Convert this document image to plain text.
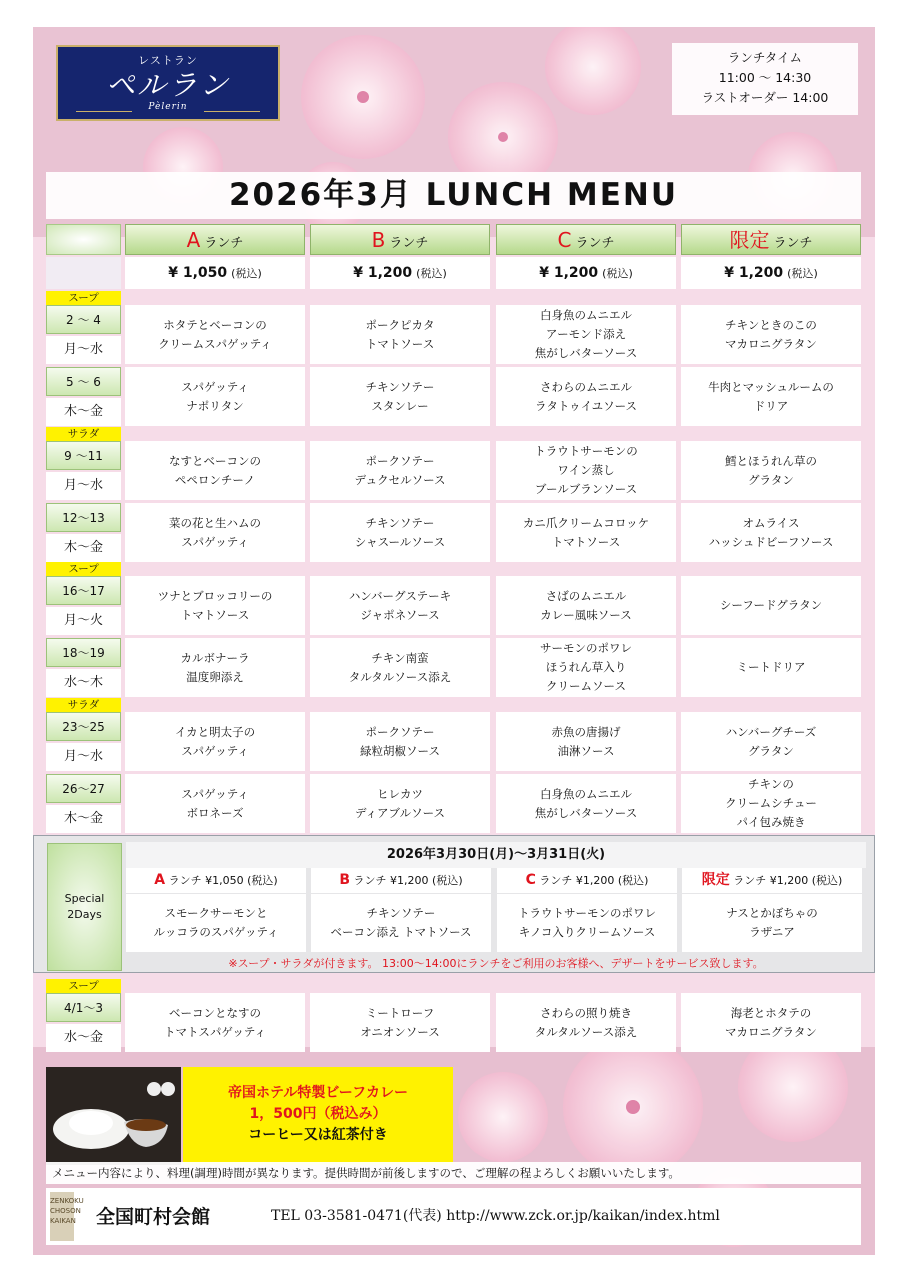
レストラン
ペルラン
Pèlerin
ランチタイム
11:00 ～ 14:30
ラストオーダー 14:00
2026年3月 LUNCH MENU
Aランチ
¥ 1,050 (税込)
Bランチ
¥ 1,200 (税込)
Cランチ
¥ 1,200 (税込)
限定 ランチ
¥ 1,200 (税込)
スープ
2 ～ 4
月～水
ホタテとベーコンの
クリームスパゲッティ
ポークピカタ
トマトソース
白身魚のムニエル
アーモンド添え
焦がしバターソース
チキンときのこの
マカロニグラタン
5 ～ 6
木～金
スパゲッティ
ナポリタン
チキンソテー
スタンレー
さわらのムニエル
ラタトゥイユソース
牛肉とマッシュルームの
ドリア
サラダ
9 ～11
月～水
なすとベーコンの
ペペロンチーノ
ポークソテー
デュクセルソース
トラウトサーモンの
ワイン蒸し
ブールブランソース
鱈とほうれん草の
グラタン
12～13
木～金
菜の花と生ハムの
スパゲッティ
チキンソテー
シャスールソース
カニ爪クリームコロッケ
トマトソース
オムライス
ハッシュドビーフソース
スープ
16～17
月～火
ツナとブロッコリーの
トマトソース
ハンバーグステーキ
ジャポネソース
さばのムニエル
カレー風味ソース
シーフードグラタン
18～19
水～木
カルボナーラ
温度卵添え
チキン南蛮
タルタルソース添え
サーモンのポワレ
ほうれん草入り
クリームソース
ミートドリア
サラダ
23～25
月～水
イカと明太子の
スパゲッティ
ポークソテー
緑粒胡椒ソース
赤魚の唐揚げ
油淋ソース
ハンバーグチーズ
グラタン
26～27
木～金
スパゲッティ
ボロネーズ
ヒレカツ
ディアブルソース
白身魚のムニエル
焦がしバターソース
チキンの
クリームシチュー
パイ包み焼き
Special
2Days
2026年3月30日(月)～3月31日(火)
A ランチ ¥1,050 (税込)
スモークサーモンと
ルッコラのスパゲッティ
B ランチ ¥1,200 (税込)
チキンソテー
ベーコン添え トマトソース
C ランチ ¥1,200 (税込)
トラウトサーモンのポワレ
キノコ入りクリームソース
限定 ランチ ¥1,200 (税込)
ナスとかぼちゃの
ラザニア
※スープ・サラダが付きます。 13:00～14:00にランチをご利用のお客様へ、デザートをサービス致します。
スープ
4/1～3
水～金
ベーコンとなすの
トマトスパゲッティ
ミートローフ
オニオンソース
さわらの照り焼き
タルタルソース添え
海老とホタテの
マカロニグラタン
帝国ホテル特製ビーフカレー
1，500円（税込み）
コーヒー又は紅茶付き
メニュー内容により、料理(調理)時間が異なります。提供時間が前後しますので、ご理解の程よろしくお願いいたします。
ZENKOKU CHOSON KAIKAN 全国町村会館	TEL 03-3581-0471(代表) http://www.zck.or.jp/kaikan/index.html
